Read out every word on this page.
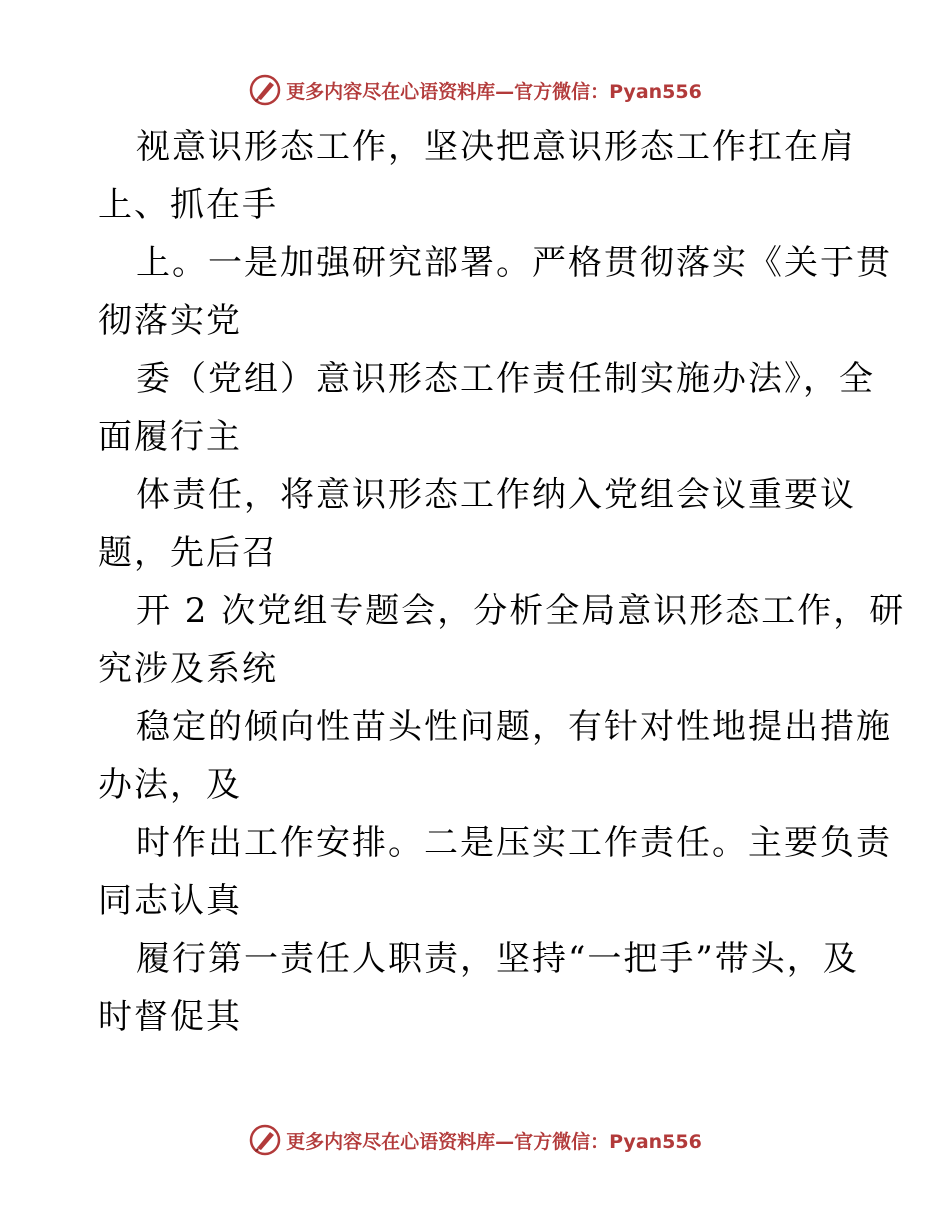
更多内容尽在心语资料库—官方微信：Pyan556
视意识形态工作，坚决把意识形态工作扛在肩
上、抓在手
上。一是加强研究部署。严格贯彻落实《关于贯
彻落实党
委（党组）意识形态工作责任制实施办法》，全
面履行主
体责任，将意识形态工作纳入党组会议重要议
题，先后召
开 2 次党组专题会，分析全局意识形态工作，研
究涉及系统
稳定的倾向性苗头性问题，有针对性地提出措施
办法，及
时作出工作安排。二是压实工作责任。主要负责
同志认真
履行第一责任人职责，坚持“一把手”带头，及
时督促其
更多内容尽在心语资料库—官方微信：Pyan556
